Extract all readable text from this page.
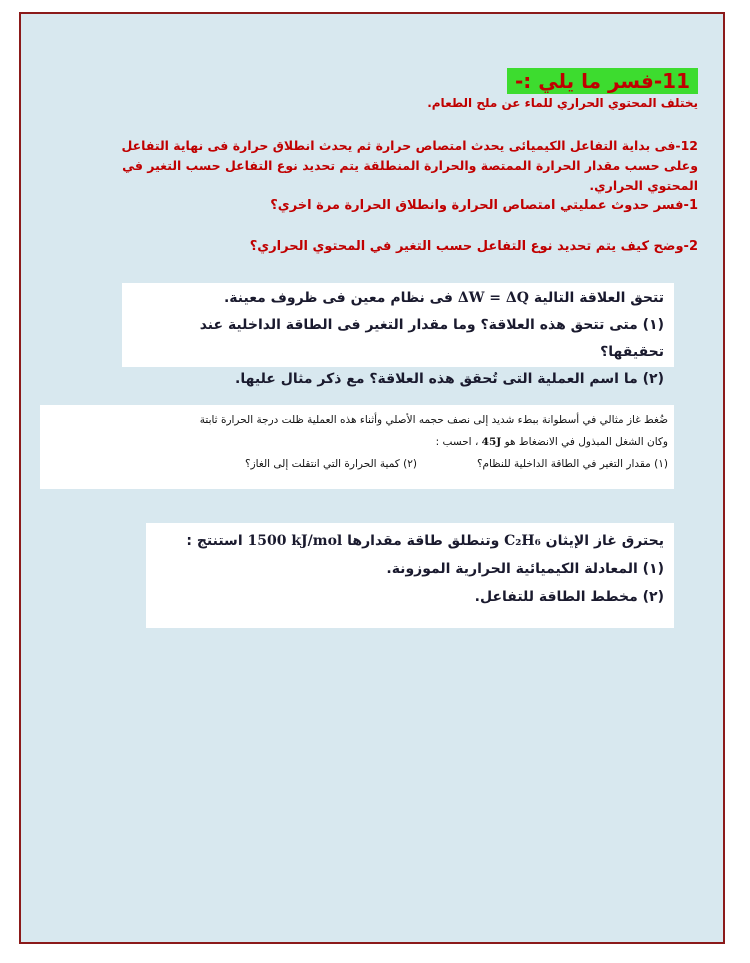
11-فسر ما يلي :-
يختلف المحتوي الحراري للماء عن ملح الطعام.
12-فى بداية التفاعل الكيميائى يحدث امتصاص حرارة ثم يحدث انطلاق حرارة فى نهاية التفاعل وعلى حسب مقدار الحرارة الممتصة والحرارة المنطلقة يتم تحديد نوع التفاعل حسب التغير في المحتوي الحراري.
1-فسر حدوث عمليتي امتصاص الحرارة وانطلاق الحرارة مرة اخري؟
2-وضح كيف يتم تحديد نوع التفاعل حسب التغير في المحتوي الحراري؟
تتحق العلاقة التالية ΔW = ΔQ فى نظام معين فى ظروف معينة.
(١) متى تتحق هذه العلاقة؟ وما مقدار التغير فى الطاقة الداخلية عند تحقيقها؟
(٢) ما اسم العملية التى تُحقق هذه العلاقة؟ مع ذكر مثال عليها.
ضُغط غاز مثالي في أسطوانة ببطء شديد إلى نصف حجمه الأصلي وأثناء هذه العملية ظلت درجة الحرارة ثابتة
وكان الشغل المبذول في الانضغاط هو 45J ، احسب :
(١) مقدار التغير في الطاقة الداخلية للنظام؟
(٢) كمية الحرارة التي انتقلت إلى الغاز؟
يحترق غاز الإيثان C₂H₆ وتنطلق طاقة مقدارها 1500 kJ/mol استنتج :
(١) المعادلة الكيميائية الحرارية الموزونة.
(٢) مخطط الطاقة للتفاعل.
